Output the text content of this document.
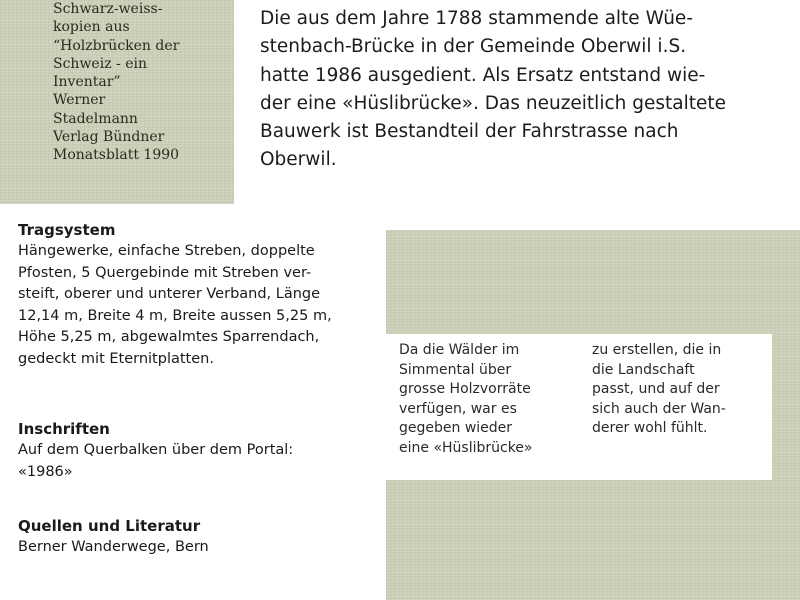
Schwarz-weiss-
kopien aus
“Holzbrücken der
Schweiz - ein
Inventar”
Werner
Stadelmann
Verlag Bündner
Monatsblatt 1990
Die aus dem Jahre 1788 stammende alte Wüe-
stenbach-Brücke in der Gemeinde Oberwil i.S.
hatte 1986 ausgedient. Als Ersatz entstand wie-
der eine «Hüslibrücke». Das neuzeitlich gestaltete
Bauwerk ist Bestandteil der Fahrstrasse nach
Oberwil.
Tragsystem
Hängewerke, einfache Streben, doppelte
Pfosten, 5 Quergebinde mit Streben ver-
steift, oberer und unterer Verband, Länge
12,14 m, Breite 4 m, Breite aussen 5,25 m,
Höhe 5,25 m, abgewalmtes Sparrendach,
gedeckt mit Eternitplatten.
Inschriften
Auf dem Querbalken über dem Portal:
«1986»
Quellen und Literatur
Berner Wanderwege, Bern
Da die Wälder im
Simmental über
grosse Holzvorräte
verfügen, war es
gegeben wieder
eine «Hüslibrücke»
zu erstellen, die in
die Landschaft
passt, und auf der
sich auch der Wan-
derer wohl fühlt.
